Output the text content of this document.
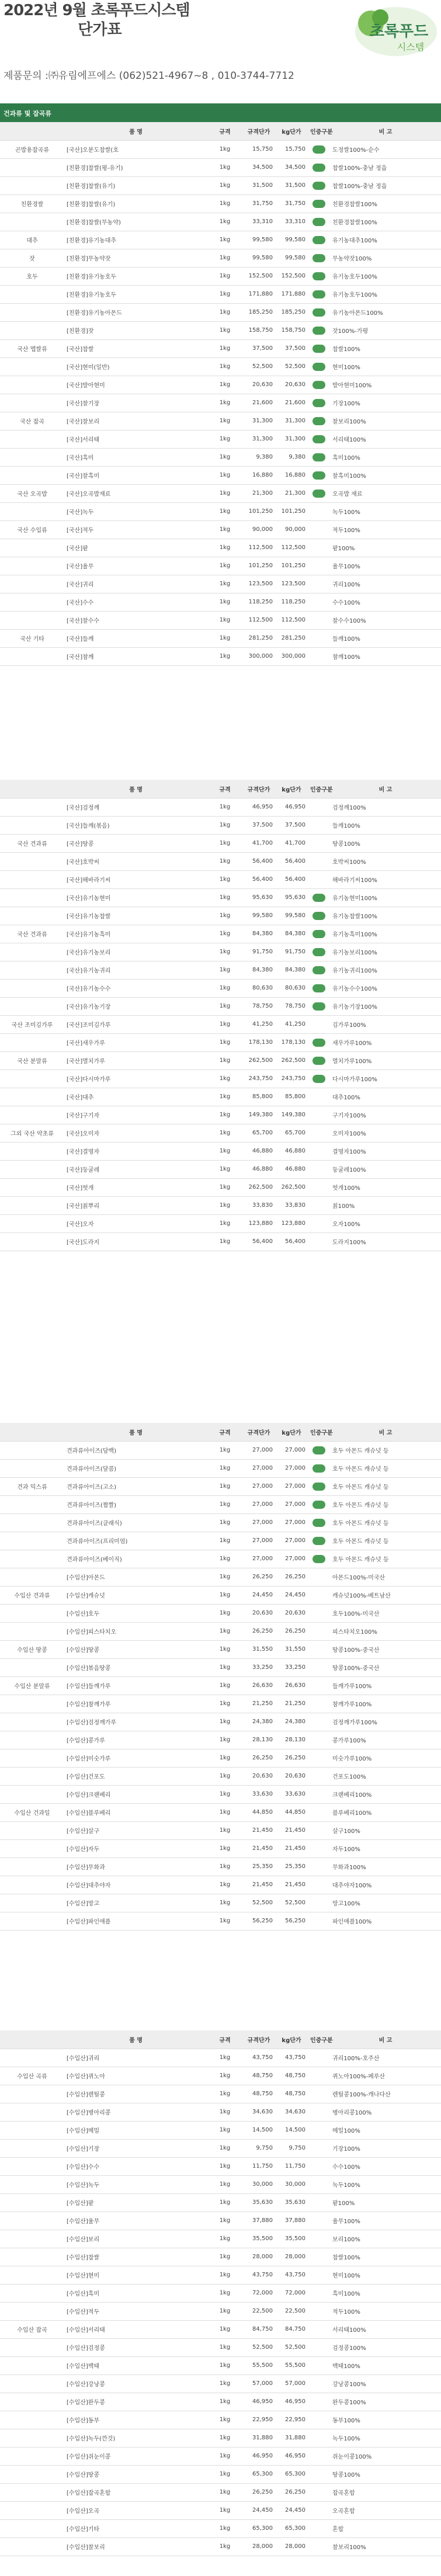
2022년 9월 초록푸드시스템
단가표
제품문의 :㈜유림에프에스 (062)521-4967~8 , 010-3744-7712
초록푸드
시스템
건과류 및 잡곡류
	품 명	규격	규격단가	kg단가	인증구분	비 고
곤밥용잡곡류	[국산]오분도찹쌀(호	1kg	15,750	15,750		도정쌀100%-순수
	[친환경]찹쌀(평-유기)	1kg	34,500	34,500		찹쌀100%-충남 정읍
	[친환경]찹쌀(유기)	1kg	31,500	31,500		찹쌀100%-충남 정읍
친환경쌀	[친환경]찹쌀(유기)	1kg	31,750	31,750		친환경찹쌀100%
	[친환경]찹쌀(무농약)	1kg	33,310	33,310		친환경찹쌀100%
대추	[친환경]유기농대추	1kg	99,580	99,580		유기농대추100%
잣	[친환경]무농약잣	1kg	99,580	99,580		무농약잣100%
호두	[친환경]유기농호두	1kg	152,500	152,500		유기농호두100%
	[친환경]유기농호두	1kg	171,880	171,880		유기농호두100%
	[친환경]유기농아몬드	1kg	185,250	185,250		유기농아몬드100%
	[친환경]잣	1kg	158,750	158,750		잣100%-가평
국산 멥쌀류	[국산]찹쌀	1kg	37,500	37,500		찹쌀100%
	[국산]현미(일반)	1kg	52,500	52,500		현미100%
	[국산]발아현미	1kg	20,630	20,630		발아현미100%
	[국산]찰기장	1kg	21,600	21,600		기장100%
국산 잡곡	[국산]찰보리	1kg	31,300	31,300		찰보리100%
	[국산]서리태	1kg	31,300	31,300		서리태100%
	[국산]흑미	1kg	9,380	9,380		흑미100%
	[국산]찰흑미	1kg	16,880	16,880		찰흑미100%
국산 오곡밥	[국산]오곡밥재료	1kg	21,300	21,300		오곡밥 재료
	[국산]녹두	1kg	101,250	101,250		녹두100%
국산 수입류	[국산]적두	1kg	90,000	90,000		적두100%
	[국산]팥	1kg	112,500	112,500		팥100%
	[국산]율무	1kg	101,250	101,250		율무100%
	[국산]귀리	1kg	123,500	123,500		귀리100%
	[국산]수수	1kg	118,250	118,250		수수100%
	[국산]찰수수	1kg	112,500	112,500		찰수수100%
국산 기타	[국산]들깨	1kg	281,250	281,250		들깨100%
	[국산]참깨	1kg	300,000	300,000		참깨100%
	품 명	규격	규격단가	kg단가	인증구분	비 고
	[국산]검정깨	1kg	46,950	46,950		검정깨100%
	[국산]들깨(볶음)	1kg	37,500	37,500		들깨100%
국산 견과류	[국산]땅콩	1kg	41,700	41,700		땅콩100%
	[국산]호박씨	1kg	56,400	56,400		호박씨100%
	[국산]해바라기씨	1kg	56,400	56,400		해바라기씨100%
	[국산]유기농현미	1kg	95,630	95,630		유기농현미100%
	[국산]유기농찹쌀	1kg	99,580	99,580		유기농찹쌀100%
국산 견과류	[국산]유기농흑미	1kg	84,380	84,380		유기농흑미100%
	[국산]유기농보리	1kg	91,750	91,750		유기농보리100%
	[국산]유기농귀리	1kg	84,380	84,380		유기농귀리100%
	[국산]유기농수수	1kg	80,630	80,630		유기농수수100%
	[국산]유기농기장	1kg	78,750	78,750		유기농기장100%
국산 조미김가루	[국산]조미김가루	1kg	41,250	41,250		김가루100%
	[국산]새우가루	1kg	178,130	178,130		새우가루100%
국산 분말류	[국산]멸치가루	1kg	262,500	262,500		멸치가루100%
	[국산]다시마가루	1kg	243,750	243,750		다시마가루100%
	[국산]대추	1kg	85,800	85,800		대추100%
	[국산]구기자	1kg	149,380	149,380		구기자100%
그외 국산 약초류	[국산]오미자	1kg	65,700	65,700		오미자100%
	[국산]결명자	1kg	46,880	46,880		결명자100%
	[국산]둥굴레	1kg	46,880	46,880		둥굴레100%
	[국산]헛개	1kg	262,500	262,500		헛개100%
	[국산]칡뿌리	1kg	33,830	33,830		칡100%
	[국산]오자	1kg	123,880	123,880		오자100%
	[국산]도라지	1kg	56,400	56,400		도라지100%
	품 명	규격	규격단가	kg단가	인증구분	비 고
	견과류아이즈(담백)	1kg	27,000	27,000		호두 아몬드 캐슈넛 등
	견과류아이즈(달콤)	1kg	27,000	27,000		호두 아몬드 캐슈넛 등
견과 믹스류	견과류아이즈(고소)	1kg	27,000	27,000		호두 아몬드 캐슈넛 등
	견과류아이즈(짭짤)	1kg	27,000	27,000		호두 아몬드 캐슈넛 등
	견과류아이즈(클래식)	1kg	27,000	27,000		호두 아몬드 캐슈넛 등
	견과류아이즈(프리미엄)	1kg	27,000	27,000		호두 아몬드 캐슈넛 등
	견과류아이즈(베이직)	1kg	27,000	27,000		호두 아몬드 캐슈넛 등
	[수입산]아몬드	1kg	26,250	26,250		아몬드100%-미국산
수입산 견과류	[수입산]캐슈넛	1kg	24,450	24,450		캐슈넛100%-베트남산
	[수입산]호두	1kg	20,630	20,630		호두100%-미국산
	[수입산]피스타치오	1kg	26,250	26,250		피스타치오100%
수입산 땅콩	[수입산]땅콩	1kg	31,550	31,550		땅콩100%-중국산
	[수입산]볶음땅콩	1kg	33,250	33,250		땅콩100%-중국산
수입산 분말류	[수입산]들깨가루	1kg	26,630	26,630		들깨가루100%
	[수입산]참깨가루	1kg	21,250	21,250		참깨가루100%
	[수입산]검정깨가루	1kg	24,380	24,380		검정깨가루100%
	[수입산]콩가루	1kg	28,130	28,130		콩가루100%
	[수입산]미숫가루	1kg	26,250	26,250		미숫가루100%
	[수입산]건포도	1kg	20,630	20,630		건포도100%
	[수입산]크랜베리	1kg	33,630	33,630		크랜베리100%
수입산 건과일	[수입산]블루베리	1kg	44,850	44,850		블루베리100%
	[수입산]살구	1kg	21,450	21,450		살구100%
	[수입산]자두	1kg	21,450	21,450		자두100%
	[수입산]무화과	1kg	25,350	25,350		무화과100%
	[수입산]대추야자	1kg	21,450	21,450		대추야자100%
	[수입산]망고	1kg	52,500	52,500		망고100%
	[수입산]파인애플	1kg	56,250	56,250		파인애플100%
	품 명	규격	규격단가	kg단가	인증구분	비 고
	[수입산]귀리	1kg	43,750	43,750		귀리100%-호주산
수입산 곡류	[수입산]퀴노아	1kg	48,750	48,750		퀴노아100%-페루산
	[수입산]렌틸콩	1kg	48,750	48,750		렌틸콩100%-캐나다산
	[수입산]병아리콩	1kg	34,630	34,630		병아리콩100%
	[수입산]메밀	1kg	14,500	14,500		메밀100%
	[수입산]기장	1kg	9,750	9,750		기장100%
	[수입산]수수	1kg	11,750	11,750		수수100%
	[수입산]녹두	1kg	30,000	30,000		녹두100%
	[수입산]팥	1kg	35,630	35,630		팥100%
	[수입산]율무	1kg	37,880	37,880		율무100%
	[수입산]보리	1kg	35,500	35,500		보리100%
	[수입산]찹쌀	1kg	28,000	28,000		찹쌀100%
	[수입산]현미	1kg	43,750	43,750		현미100%
	[수입산]흑미	1kg	72,000	72,000		흑미100%
	[수입산]적두	1kg	22,500	22,500		적두100%
수입산 잡곡	[수입산]서리태	1kg	84,750	84,750		서리태100%
	[수입산]검정콩	1kg	52,500	52,500		검정콩100%
	[수입산]백태	1kg	55,500	55,500		백태100%
	[수입산]강낭콩	1kg	57,000	57,000		강낭콩100%
	[수입산]완두콩	1kg	46,950	46,950		완두콩100%
	[수입산]동부	1kg	22,950	22,950		동부100%
	[수입산]녹두(깐것)	1kg	31,880	31,880		녹두100%
	[수입산]쥐눈이콩	1kg	46,950	46,950		쥐눈이콩100%
	[수입산]땅콩	1kg	65,300	65,300		땅콩100%
	[수입산]잡곡혼합	1kg	26,250	26,250		잡곡혼합
	[수입산]오곡	1kg	24,450	24,450		오곡혼합
	[수입산]기타	1kg	65,300	65,300		혼합
	[수입산]찰보리	1kg	28,000	28,000		찰보리100%
